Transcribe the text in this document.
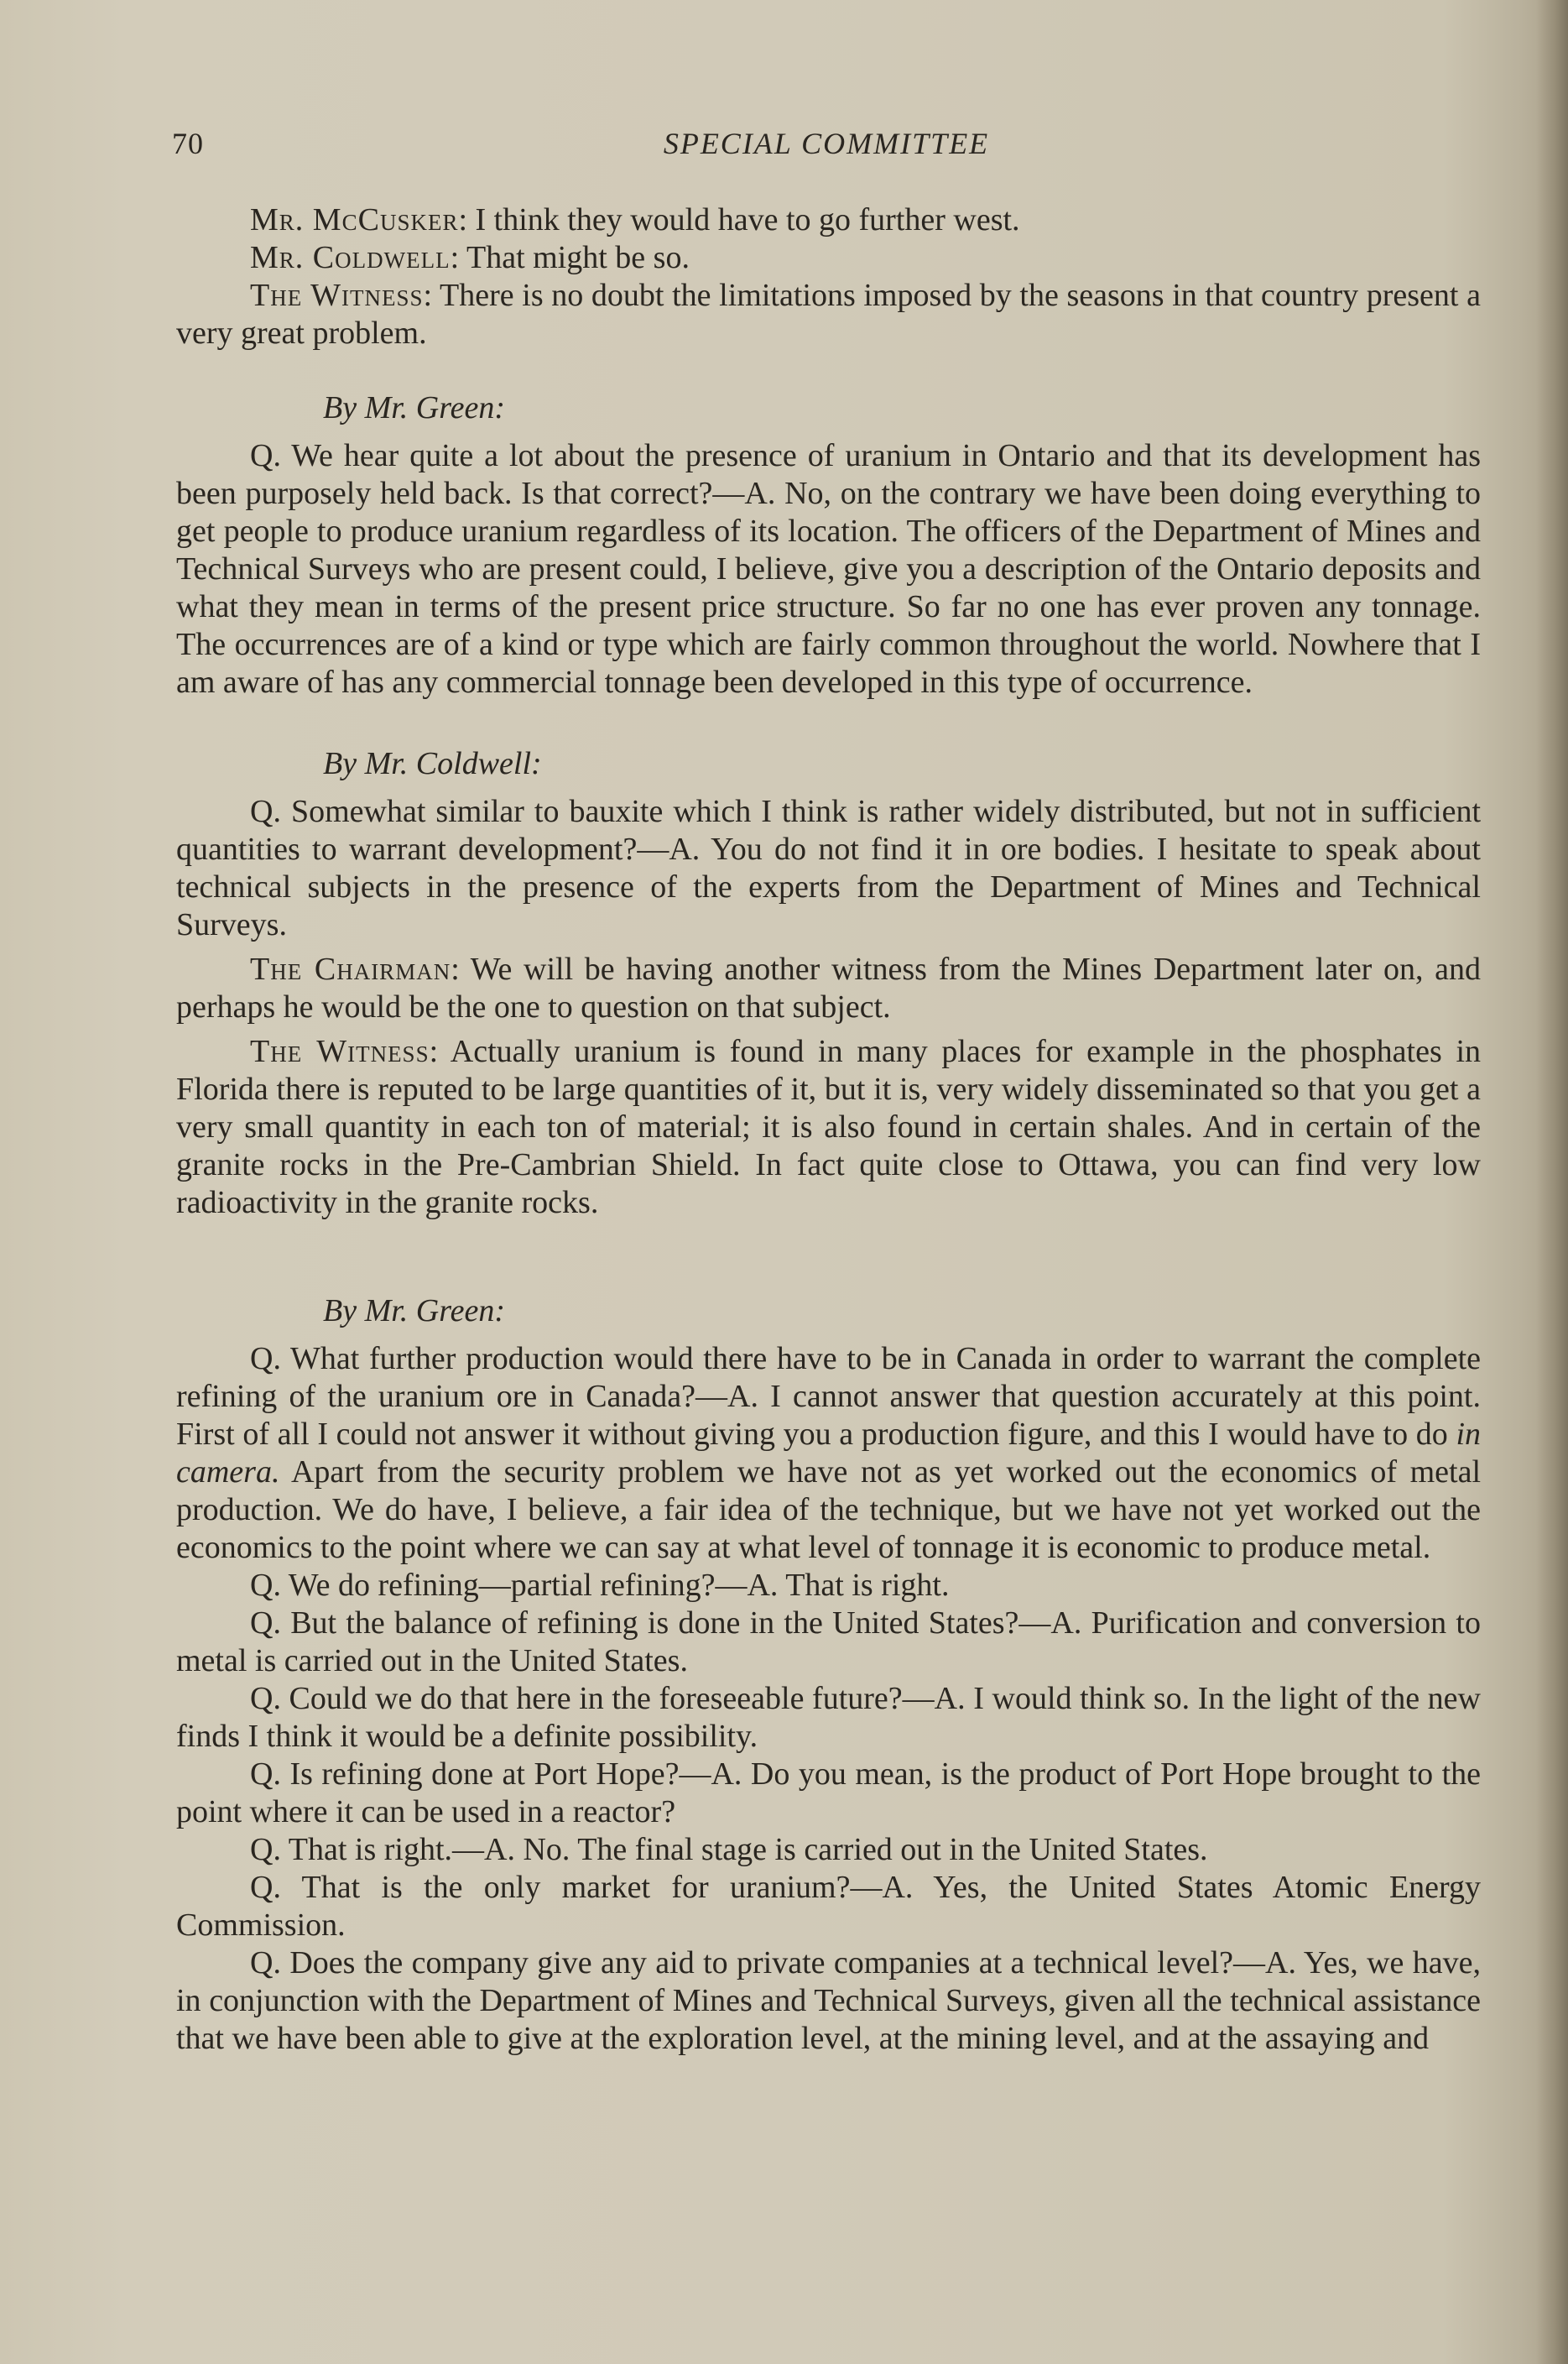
70	SPECIAL COMMITTEE

Mr. McCusker: I think they would have to go further west.

Mr. Coldwell: That might be so.

The Witness: There is no doubt the limitations imposed by the seasons in that country present a very great problem.

By Mr. Green:

Q. We hear quite a lot about the presence of uranium in Ontario and that its development has been purposely held back. Is that correct?—A. No, on the contrary we have been doing everything to get people to produce uranium regardless of its location. The officers of the Department of Mines and Technical Surveys who are present could, I believe, give you a description of the Ontario deposits and what they mean in terms of the present price structure. So far no one has ever proven any tonnage. The occurrences are of a kind or type which are fairly common throughout the world. Nowhere that I am aware of has any commercial tonnage been developed in this type of occurrence.

By Mr. Coldwell:

Q. Somewhat similar to bauxite which I think is rather widely distributed, but not in sufficient quantities to warrant development?—A. You do not find it in ore bodies. I hesitate to speak about technical subjects in the presence of the experts from the Department of Mines and Technical Surveys.

The Chairman: We will be having another witness from the Mines Department later on, and perhaps he would be the one to question on that subject.

The Witness: Actually uranium is found in many places for example in the phosphates in Florida there is reputed to be large quantities of it, but it is, very widely disseminated so that you get a very small quantity in each ton of material; it is also found in certain shales. And in certain of the granite rocks in the Pre-Cambrian Shield. In fact quite close to Ottawa, you can find very low radioactivity in the granite rocks.

By Mr. Green:

Q. What further production would there have to be in Canada in order to warrant the complete refining of the uranium ore in Canada?—A. I cannot answer that question accurately at this point. First of all I could not answer it without giving you a production figure, and this I would have to do in camera. Apart from the security problem we have not as yet worked out the economics of metal production. We do have, I believe, a fair idea of the technique, but we have not yet worked out the economics to the point where we can say at what level of tonnage it is economic to produce metal.

Q. We do refining—partial refining?—A. That is right.

Q. But the balance of refining is done in the United States?—A. Purification and conversion to metal is carried out in the United States.

Q. Could we do that here in the foreseeable future?—A. I would think so. In the light of the new finds I think it would be a definite possibility.

Q. Is refining done at Port Hope?—A. Do you mean, is the product of Port Hope brought to the point where it can be used in a reactor?

Q. That is right.—A. No. The final stage is carried out in the United States.

Q. That is the only market for uranium?—A. Yes, the United States Atomic Energy Commission.

Q. Does the company give any aid to private companies at a technical level?—A. Yes, we have, in conjunction with the Department of Mines and Technical Surveys, given all the technical assistance that we have been able to give at the exploration level, at the mining level, and at the assaying and
